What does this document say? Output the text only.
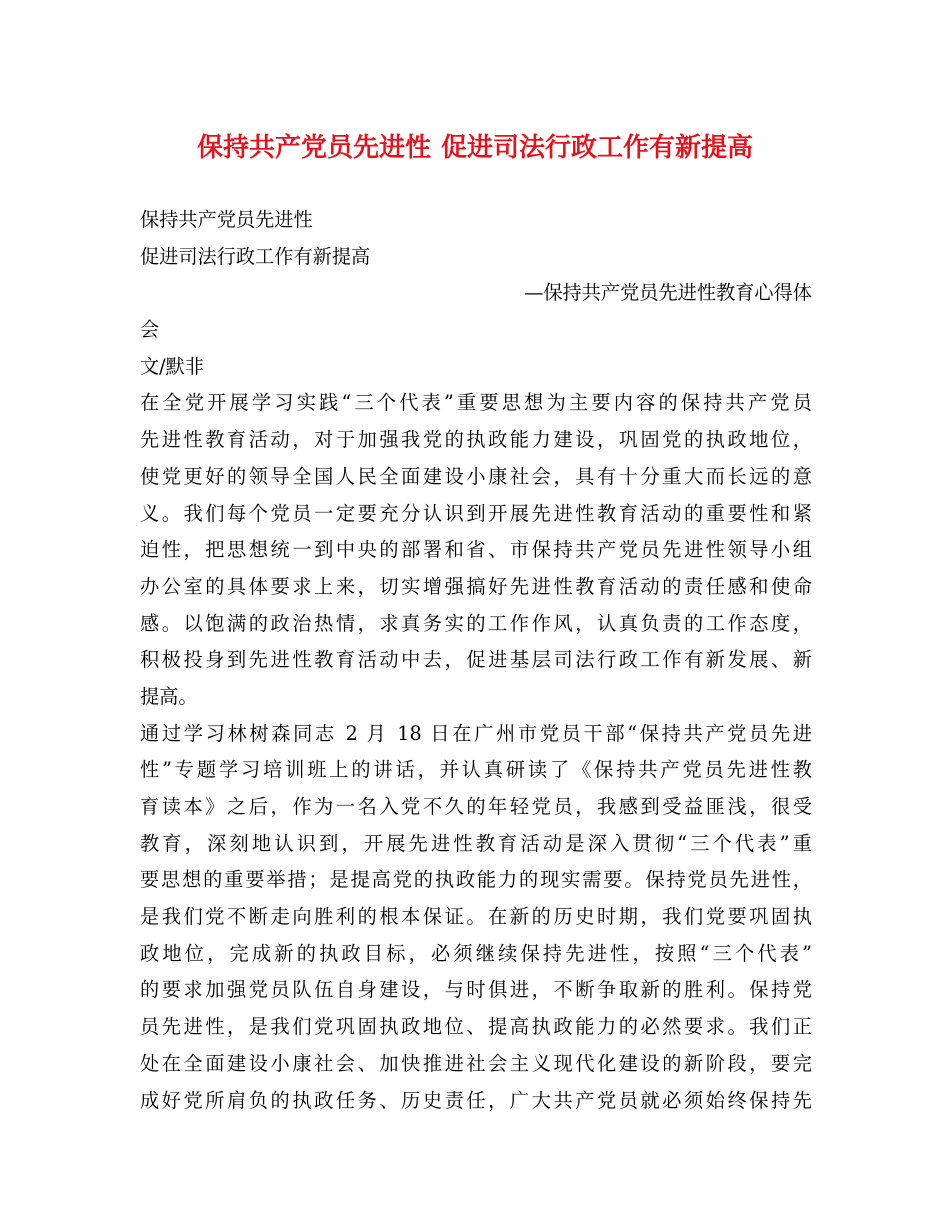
保持共产党员先进性 促进司法行政工作有新提高
保持共产党员先进性
促进司法行政工作有新提高
—保持共产党员先进性教育心得体
会
文/默非
在全党开展学习实践“三个代表”重要思想为主要内容的保持共产党员
先进性教育活动，对于加强我党的执政能力建设，巩固党的执政地位，
使党更好的领导全国人民全面建设小康社会，具有十分重大而长远的意
义。我们每个党员一定要充分认识到开展先进性教育活动的重要性和紧
迫性，把思想统一到中央的部署和省、市保持共产党员先进性领导小组
办公室的具体要求上来，切实增强搞好先进性教育活动的责任感和使命
感。以饱满的政治热情，求真务实的工作作风，认真负责的工作态度，
积极投身到先进性教育活动中去，促进基层司法行政工作有新发展、新
提高。
通过学习林树森同志 2 月 18 日在广州市党员干部“保持共产党员先进
性”专题学习培训班上的讲话，并认真研读了《保持共产党员先进性教
育读本》之后，作为一名入党不久的年轻党员，我感到受益匪浅，很受
教育，深刻地认识到，开展先进性教育活动是深入贯彻“三个代表”重
要思想的重要举措；是提高党的执政能力的现实需要。保持党员先进性，
是我们党不断走向胜利的根本保证。在新的历史时期，我们党要巩固执
政地位，完成新的执政目标，必须继续保持先进性，按照“三个代表”
的要求加强党员队伍自身建设，与时俱进，不断争取新的胜利。保持党
员先进性，是我们党巩固执政地位、提高执政能力的必然要求。我们正
处在全面建设小康社会、加快推进社会主义现代化建设的新阶段，要完
成好党所肩负的执政任务、历史责任，广大共产党员就必须始终保持先
